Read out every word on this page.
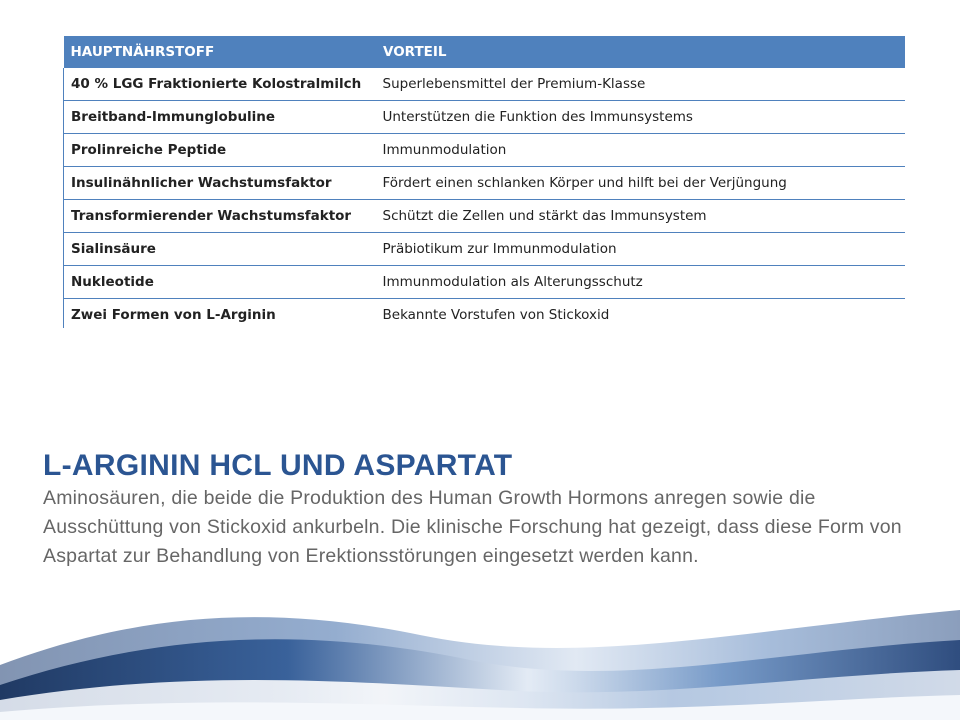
HAUPTNÄHRSTOFF	VORTEIL
40 % LGG Fraktionierte Kolostralmilch	Superlebensmittel der Premium-Klasse
Breitband-Immunglobuline	Unterstützen die Funktion des Immunsystems
Prolinreiche Peptide	Immunmodulation
Insulinähnlicher Wachstumsfaktor	Fördert einen schlanken Körper und hilft bei der Verjüngung
Transformierender Wachstumsfaktor	Schützt die Zellen und stärkt das Immunsystem
Sialinsäure	Präbiotikum zur Immunmodulation
Nukleotide	Immunmodulation als Alterungsschutz
Zwei Formen von L-Arginin	Bekannte Vorstufen von Stickoxid
L-ARGININ HCL UND ASPARTAT

Aminosäuren, die beide die Produktion des Human Growth Hormons anregen sowie die Ausschüttung von Stickoxid ankurbeln. Die klinische Forschung hat gezeigt, dass diese Form von Aspartat zur Behandlung von Erektionsstörungen eingesetzt werden kann.
